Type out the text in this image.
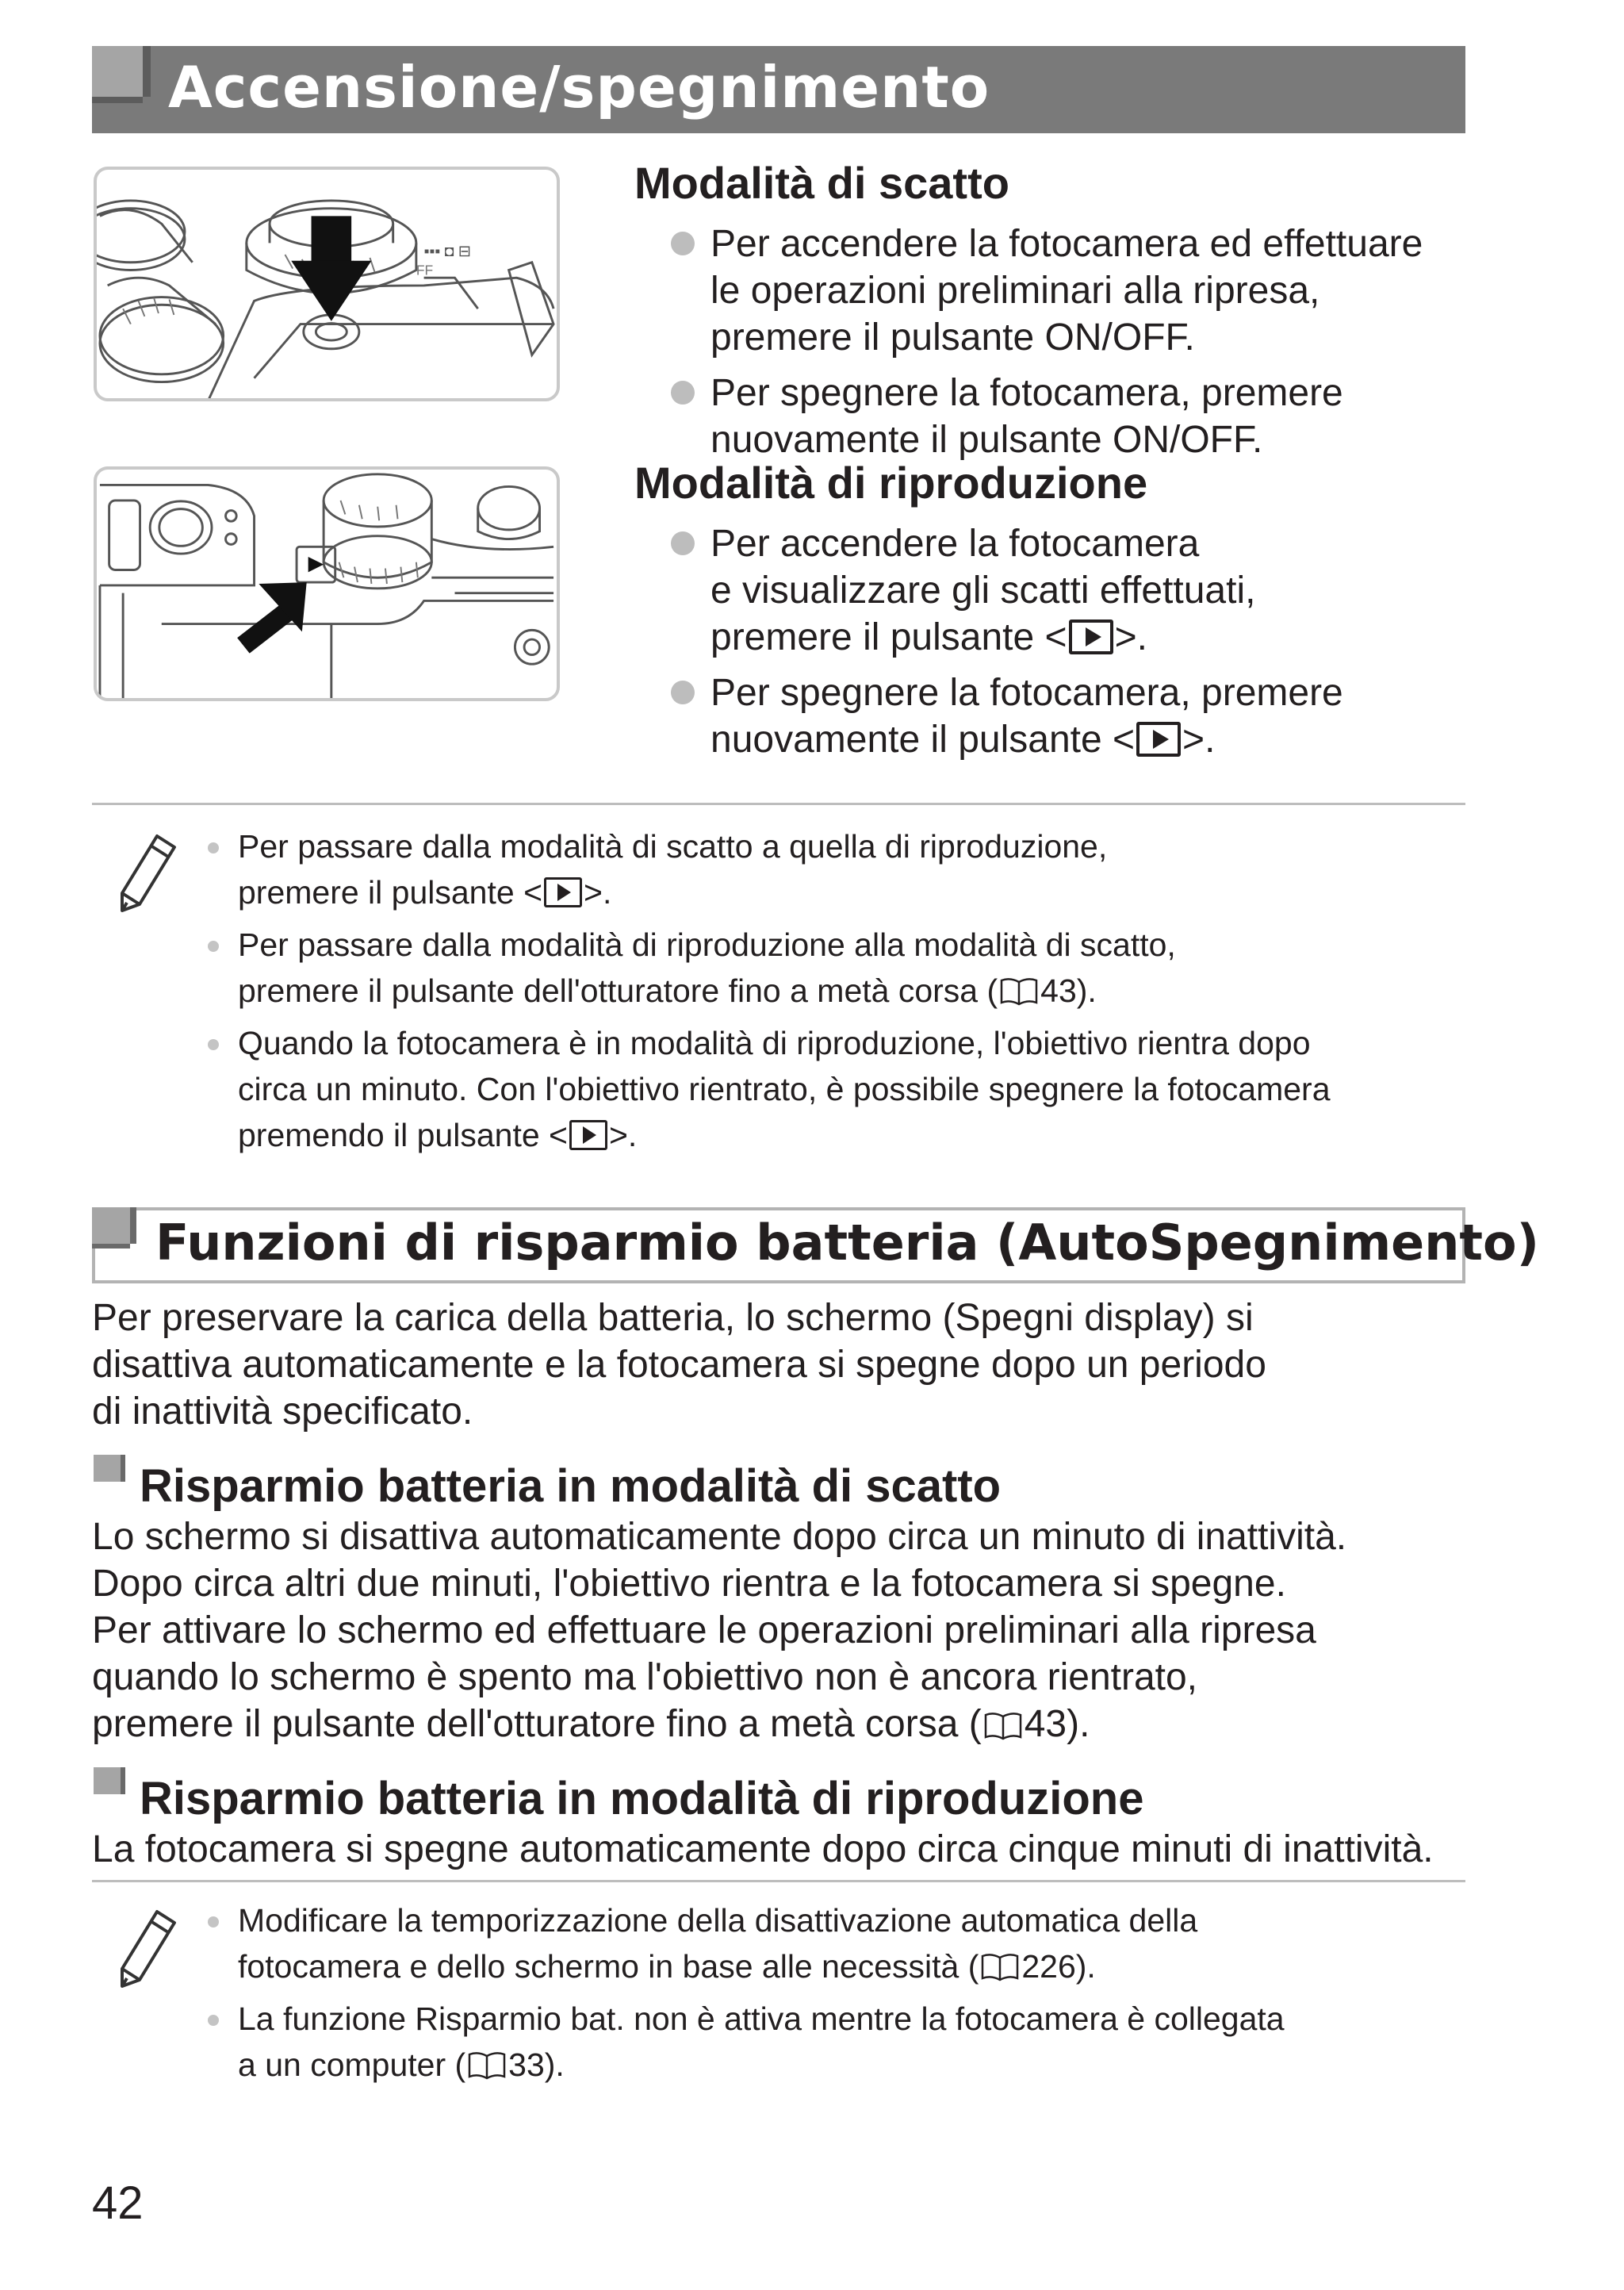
Accensione/spegnimento
▪▪▪ ◘ ⊟
FF
Modalità di scatto
Per accendere la fotocamera ed effettuare
le operazioni preliminari alla ripresa,
premere il pulsante ON/OFF.
Per spegnere la fotocamera, premere
nuovamente il pulsante ON/OFF.
Modalità di riproduzione
Per accendere la fotocamera
e visualizzare gli scatti effettuati,
premere il pulsante < >.
Per spegnere la fotocamera, premere
nuovamente il pulsante < >.
Per passare dalla modalità di scatto a quella di riproduzione,
premere il pulsante < >.
Per passare dalla modalità di riproduzione alla modalità di scatto,
premere il pulsante dell'otturatore fino a metà corsa ( 43).
Quando la fotocamera è in modalità di riproduzione, l'obiettivo rientra dopo
circa un minuto. Con l'obiettivo rientrato, è possibile spegnere la fotocamera
premendo il pulsante < >.
Funzioni di risparmio batteria (AutoSpegnimento)
Per preservare la carica della batteria, lo schermo (Spegni display) si
disattiva automaticamente e la fotocamera si spegne dopo un periodo
di inattività specificato.
Risparmio batteria in modalità di scatto
Lo schermo si disattiva automaticamente dopo circa un minuto di inattività.
Dopo circa altri due minuti, l'obiettivo rientra e la fotocamera si spegne.
Per attivare lo schermo ed effettuare le operazioni preliminari alla ripresa
quando lo schermo è spento ma l'obiettivo non è ancora rientrato,
premere il pulsante dell'otturatore fino a metà corsa ( 43).
Risparmio batteria in modalità di riproduzione
La fotocamera si spegne automaticamente dopo circa cinque minuti di inattività.
Modificare la temporizzazione della disattivazione automatica della
fotocamera e dello schermo in base alle necessità ( 226).
La funzione Risparmio bat. non è attiva mentre la fotocamera è collegata
a un computer ( 33).
42
